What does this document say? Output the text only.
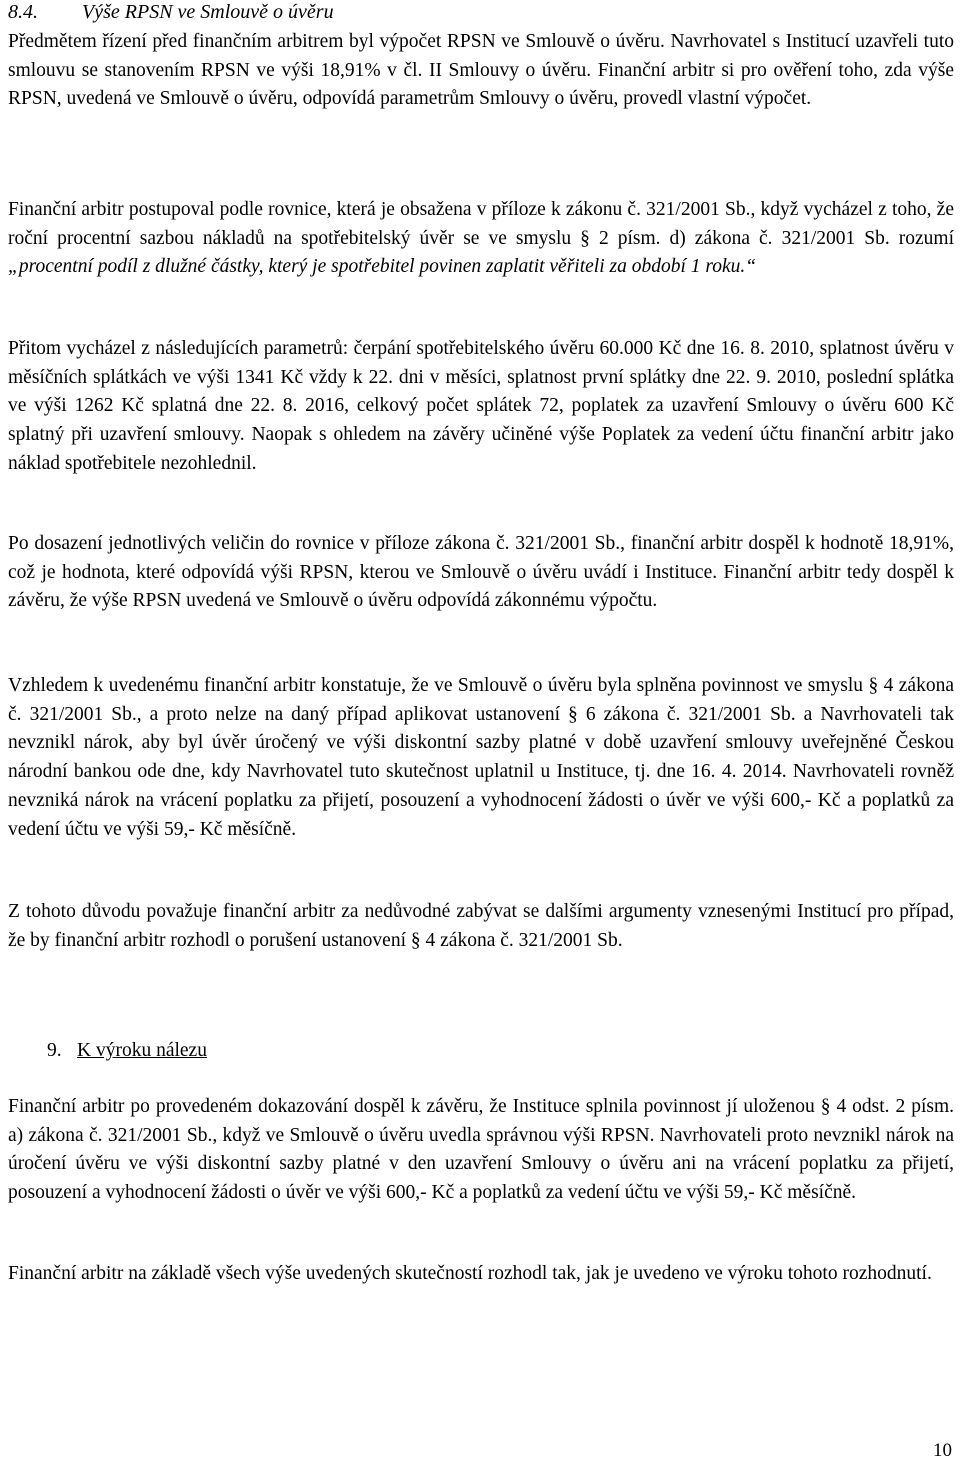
8.4. Výše RPSN ve Smlouvě o úvěru

Předmětem řízení před finančním arbitrem byl výpočet RPSN ve Smlouvě o úvěru. Navrhovatel s Institucí uzavřeli tuto smlouvu se stanovením RPSN ve výši 18,91% v čl. II Smlouvy o úvěru. Finanční arbitr si pro ověření toho, zda výše RPSN, uvedená ve Smlouvě o úvěru, odpovídá parametrům Smlouvy o úvěru, provedl vlastní výpočet.

Finanční arbitr postupoval podle rovnice, která je obsažena v příloze k zákonu č. 321/2001 Sb., když vycházel z toho, že roční procentní sazbou nákladů na spotřebitelský úvěr se ve smyslu § 2 písm. d) zákona č. 321/2001 Sb. rozumí „procentní podíl z dlužné částky, který je spotřebitel povinen zaplatit věřiteli za období 1 roku.“

Přitom vycházel z následujících parametrů: čerpání spotřebitelského úvěru 60.000 Kč dne 16. 8. 2010, splatnost úvěru v měsíčních splátkách ve výši 1341 Kč vždy k 22. dni v měsíci, splatnost první splátky dne 22. 9. 2010, poslední splátka ve výši 1262 Kč splatná dne 22. 8. 2016, celkový počet splátek 72, poplatek za uzavření Smlouvy o úvěru 600 Kč splatný při uzavření smlouvy. Naopak s ohledem na závěry učiněné výše Poplatek za vedení účtu finanční arbitr jako náklad spotřebitele nezohlednil.

Po dosazení jednotlivých veličin do rovnice v příloze zákona č. 321/2001 Sb., finanční arbitr dospěl k hodnotě 18,91%, což je hodnota, které odpovídá výši RPSN, kterou ve Smlouvě o úvěru uvádí i Instituce. Finanční arbitr tedy dospěl k závěru, že výše RPSN uvedená ve Smlouvě o úvěru odpovídá zákonnému výpočtu.

Vzhledem k uvedenému finanční arbitr konstatuje, že ve Smlouvě o úvěru byla splněna povinnost ve smyslu § 4 zákona č. 321/2001 Sb., a proto nelze na daný případ aplikovat ustanovení § 6 zákona č. 321/2001 Sb. a Navrhovateli tak nevznikl nárok, aby byl úvěr úročený ve výši diskontní sazby platné v době uzavření smlouvy uveřejněné Českou národní bankou ode dne, kdy Navrhovatel tuto skutečnost uplatnil u Instituce, tj. dne 16. 4. 2014. Navrhovateli rovněž nevzniká nárok na vrácení poplatku za přijetí, posouzení a vyhodnocení žádosti o úvěr ve výši 600,- Kč a poplatků za vedení účtu ve výši 59,- Kč měsíčně.

Z tohoto důvodu považuje finanční arbitr za nedůvodné zabývat se dalšími argumenty vznesenými Institucí pro případ, že by finanční arbitr rozhodl o porušení ustanovení § 4 zákona č. 321/2001 Sb.

9. K výroku nálezu

Finanční arbitr po provedeném dokazování dospěl k závěru, že Instituce splnila povinnost jí uloženou § 4 odst. 2 písm. a) zákona č. 321/2001 Sb., když ve Smlouvě o úvěru uvedla správnou výši RPSN. Navrhovateli proto nevznikl nárok na úročení úvěru ve výši diskontní sazby platné v den uzavření Smlouvy o úvěru ani na vrácení poplatku za přijetí, posouzení a vyhodnocení žádosti o úvěr ve výši 600,- Kč a poplatků za vedení účtu ve výši 59,- Kč měsíčně.

Finanční arbitr na základě všech výše uvedených skutečností rozhodl tak, jak je uvedeno ve výroku tohoto rozhodnutí.

10
